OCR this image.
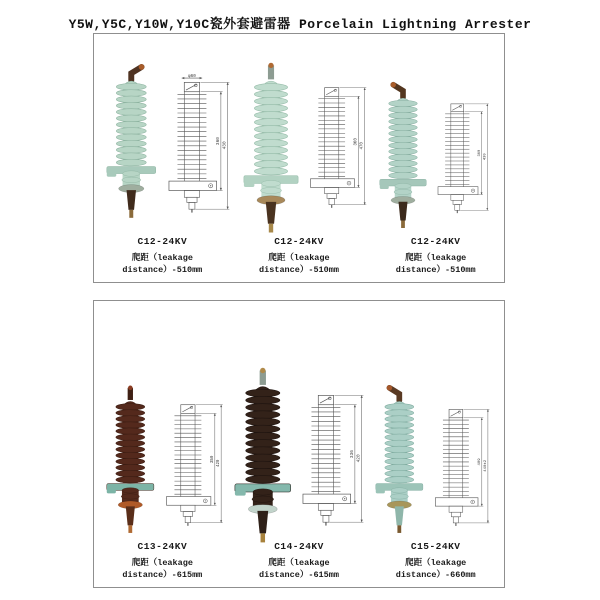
Y5W,Y5C,Y10W,Y10C瓷外套避雷器 Porcelain Lightning Arrester
φ60
360
430	360
470
360
430
C12-24KV
爬距（leakage distance）-510mm
C12-24KV
爬距（leakage distance）-510mm
C12-24KV
爬距（leakage distance）-510mm
350
420
336
420	409 440±2
C13-24KV
爬距（leakage distance）-615mm
C14-24KV
爬距（leakage distance）-615mm
C15-24KV
爬距（leakage distance）-660mm
